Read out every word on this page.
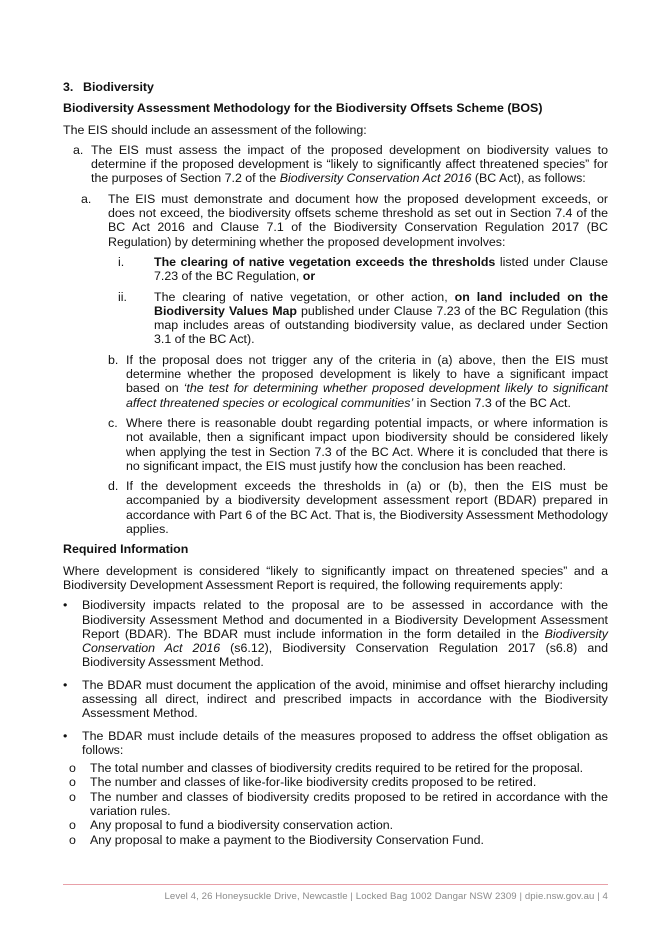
3. Biodiversity
Biodiversity Assessment Methodology for the Biodiversity Offsets Scheme (BOS)

The EIS should include an assessment of the following:

a. The EIS must assess the impact of the proposed development on biodiversity values to determine if the proposed development is “likely to significantly affect threatened species” for the purposes of Section 7.2 of the Biodiversity Conservation Act 2016 (BC Act), as follows:
a.	The EIS must demonstrate and document how the proposed development exceeds, or does not exceed, the biodiversity offsets scheme threshold as set out in Section 7.4 of the BC Act 2016 and Clause 7.1 of the Biodiversity Conservation Regulation 2017 (BC Regulation) by determining whether the proposed development involves:
i.	The clearing of native vegetation exceeds the thresholds listed under Clause 7.23 of the BC Regulation, or
ii.	The clearing of native vegetation, or other action, on land included on the Biodiversity Values Map published under Clause 7.23 of the BC Regulation (this map includes areas of outstanding biodiversity value, as declared under Section 3.1 of the BC Act).
b. If the proposal does not trigger any of the criteria in (a) above, then the EIS must determine whether the proposed development is likely to have a significant impact based on ‘the test for determining whether proposed development likely to significant affect threatened species or ecological communities’ in Section 7.3 of the BC Act.
c. Where there is reasonable doubt regarding potential impacts, or where information is not available, then a significant impact upon biodiversity should be considered likely when applying the test in Section 7.3 of the BC Act. Where it is concluded that there is no significant impact, the EIS must justify how the conclusion has been reached.
d. If the development exceeds the thresholds in (a) or (b), then the EIS must be accompanied by a biodiversity development assessment report (BDAR) prepared in accordance with Part 6 of the BC Act. That is, the Biodiversity Assessment Methodology applies.
Required Information

Where development is considered “likely to significantly impact on threatened species” and a Biodiversity Development Assessment Report is required, the following requirements apply:

•	Biodiversity impacts related to the proposal are to be assessed in accordance with the Biodiversity Assessment Method and documented in a Biodiversity Development Assessment Report (BDAR). The BDAR must include information in the form detailed in the Biodiversity Conservation Act 2016 (s6.12), Biodiversity Conservation Regulation 2017 (s6.8) and Biodiversity Assessment Method.
•	The BDAR must document the application of the avoid, minimise and offset hierarchy including assessing all direct, indirect and prescribed impacts in accordance with the Biodiversity Assessment Method.
•	The BDAR must include details of the measures proposed to address the offset obligation as follows:
o	The total number and classes of biodiversity credits required to be retired for the proposal.
o	The number and classes of like-for-like biodiversity credits proposed to be retired.
o	The number and classes of biodiversity credits proposed to be retired in accordance with the variation rules.
o	Any proposal to fund a biodiversity conservation action.
o	Any proposal to make a payment to the Biodiversity Conservation Fund.
Level 4, 26 Honeysuckle Drive, Newcastle | Locked Bag 1002 Dangar NSW 2309 | dpie.nsw.gov.au | 4
